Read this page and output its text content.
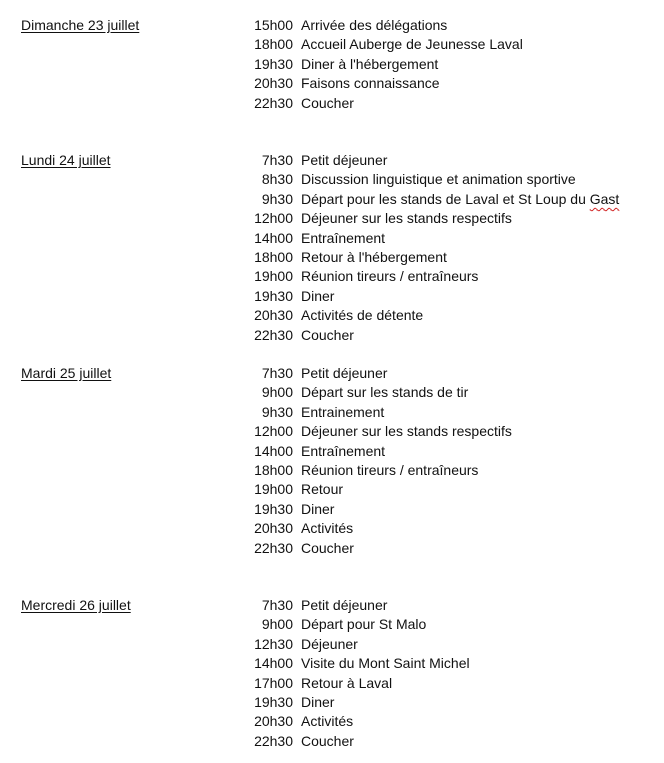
Dimanche 23 juillet	15h00 Arrivée des délégations
18h00 Accueil Auberge de Jeunesse Laval
19h30 Diner à l'hébergement
20h30 Faisons connaissance
22h30 Coucher
Lundi 24 juillet	7h30 Petit déjeuner
8h30 Discussion linguistique et animation sportive
9h30 Départ pour les stands de Laval et St Loup du Gast
12h00 Déjeuner sur les stands respectifs
14h00 Entraînement
18h00 Retour à l'hébergement
19h00 Réunion tireurs / entraîneurs
19h30 Diner
20h30 Activités de détente
22h30 Coucher
Mardi 25 juillet	7h30 Petit déjeuner
9h00 Départ sur les stands de tir
9h30 Entrainement
12h00 Déjeuner sur les stands respectifs
14h00 Entraînement
18h00 Réunion tireurs / entraîneurs
19h00 Retour
19h30 Diner
20h30 Activités
22h30 Coucher
Mercredi 26 juillet	7h30 Petit déjeuner
9h00 Départ pour St Malo
12h30 Déjeuner
14h00 Visite du Mont Saint Michel
17h00 Retour à Laval
19h30 Diner
20h30 Activités
22h30 Coucher
